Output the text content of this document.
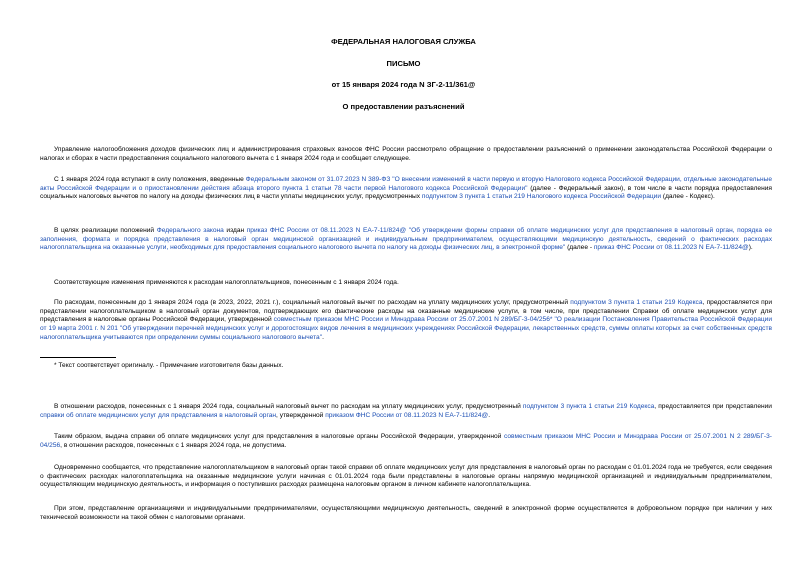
ФЕДЕРАЛЬНАЯ НАЛОГОВАЯ СЛУЖБА
ПИСЬМО
от 15 января 2024 года N ЗГ-2-11/361@
О предоставлении разъяснений

Управление налогообложения доходов физических лиц и администрирования страховых взносов ФНС России рассмотрело обращение о предоставлении разъяснений о применении законодательства Российской Федерации о налогах и сборах в части предоставления социального налогового вычета с 1 января 2024 года и сообщает следующее.

С 1 января 2024 года вступают в силу положения, введенные Федеральным законом от 31.07.2023 N 389-ФЗ "О внесении изменений в части первую и вторую Налогового кодекса Российской Федерации, отдельные законодательные акты Российской Федерации и о приостановлении действия абзаца второго пункта 1 статьи 78 части первой Налогового кодекса Российской Федерации" (далее - Федеральный закон), в том числе в части порядка предоставления социальных налоговых вычетов по налогу на доходы физических лиц в части уплаты медицинских услуг, предусмотренных подпунктом 3 пункта 1 статьи 219 Налогового кодекса Российской Федерации (далее - Кодекс).

В целях реализации положений Федерального закона издан приказ ФНС России от 08.11.2023 N ЕА-7-11/824@ "Об утверждении формы справки об оплате медицинских услуг для представления в налоговый орган, порядка ее заполнения, формата и порядка представления в налоговый орган медицинской организацией и индивидуальным предпринимателем, осуществляющими медицинскую деятельность, сведений о фактических расходах налогоплательщика на оказанные услуги, необходимых для предоставления социального налогового вычета по налогу на доходы физических лиц, в электронной форме" (далее - приказ ФНС России от 08.11.2023 N ЕА-7-11/824@).

Соответствующие изменения применяются к расходам налогоплательщиков, понесенным с 1 января 2024 года.

По расходам, понесенным до 1 января 2024 года (в 2023, 2022, 2021 г.), социальный налоговый вычет по расходам на уплату медицинских услуг, предусмотренный подпунктом 3 пункта 1 статьи 219 Кодекса, предоставляется при представлении налогоплательщиком в налоговый орган документов, подтверждающих его фактические расходы на оказанные медицинские услуги, в том числе, при представлении Справки об оплате медицинских услуг для представления в налоговые органы Российской Федерации, утвержденной совместным приказом МНС России и Минздрава России от 25.07.2001 N 289/БГ-3-04/256* "О реализации Постановления Правительства Российской Федерации от 19 марта 2001 г. N 201 "Об утверждении перечней медицинских услуг и дорогостоящих видов лечения в медицинских учреждениях Российской Федерации, лекарственных средств, суммы оплаты которых за счет собственных средств налогоплательщика учитываются при определении суммы социального налогового вычета".

* Текст соответствует оригиналу. - Примечание изготовителя базы данных.

В отношении расходов, понесенных с 1 января 2024 года, социальный налоговый вычет по расходам на уплату медицинских услуг, предусмотренный подпунктом 3 пункта 1 статьи 219 Кодекса, предоставляется при представлении справки об оплате медицинских услуг для представления в налоговый орган, утвержденной приказом ФНС России от 08.11.2023 N ЕА-7-11/824@.

Таким образом, выдача справки об оплате медицинских услуг для представления в налоговые органы Российской Федерации, утвержденной совместным приказом МНС России и Минздрава России от 25.07.2001 N 2 289/БГ-3-04/256, в отношении расходов, понесенных с 1 января 2024 года, не допустима.

Одновременно сообщается, что представление налогоплательщиком в налоговый орган такой справки об оплате медицинских услуг для представления в налоговый орган по расходам с 01.01.2024 года не требуется, если сведения о фактических расходах налогоплательщика на оказанные медицинские услуги начиная с 01.01.2024 года были представлены в налоговые органы напрямую медицинской организацией и индивидуальным предпринимателем, осуществляющим медицинскую деятельность, и информация о поступивших расходах размещена налоговым органом в личном кабинете налогоплательщика.

При этом, представление организациями и индивидуальными предпринимателями, осуществляющими медицинскую деятельность, сведений в электронной форме осуществляется в добровольном порядке при наличии у них технической возможности на такой обмен с налоговыми органами.
